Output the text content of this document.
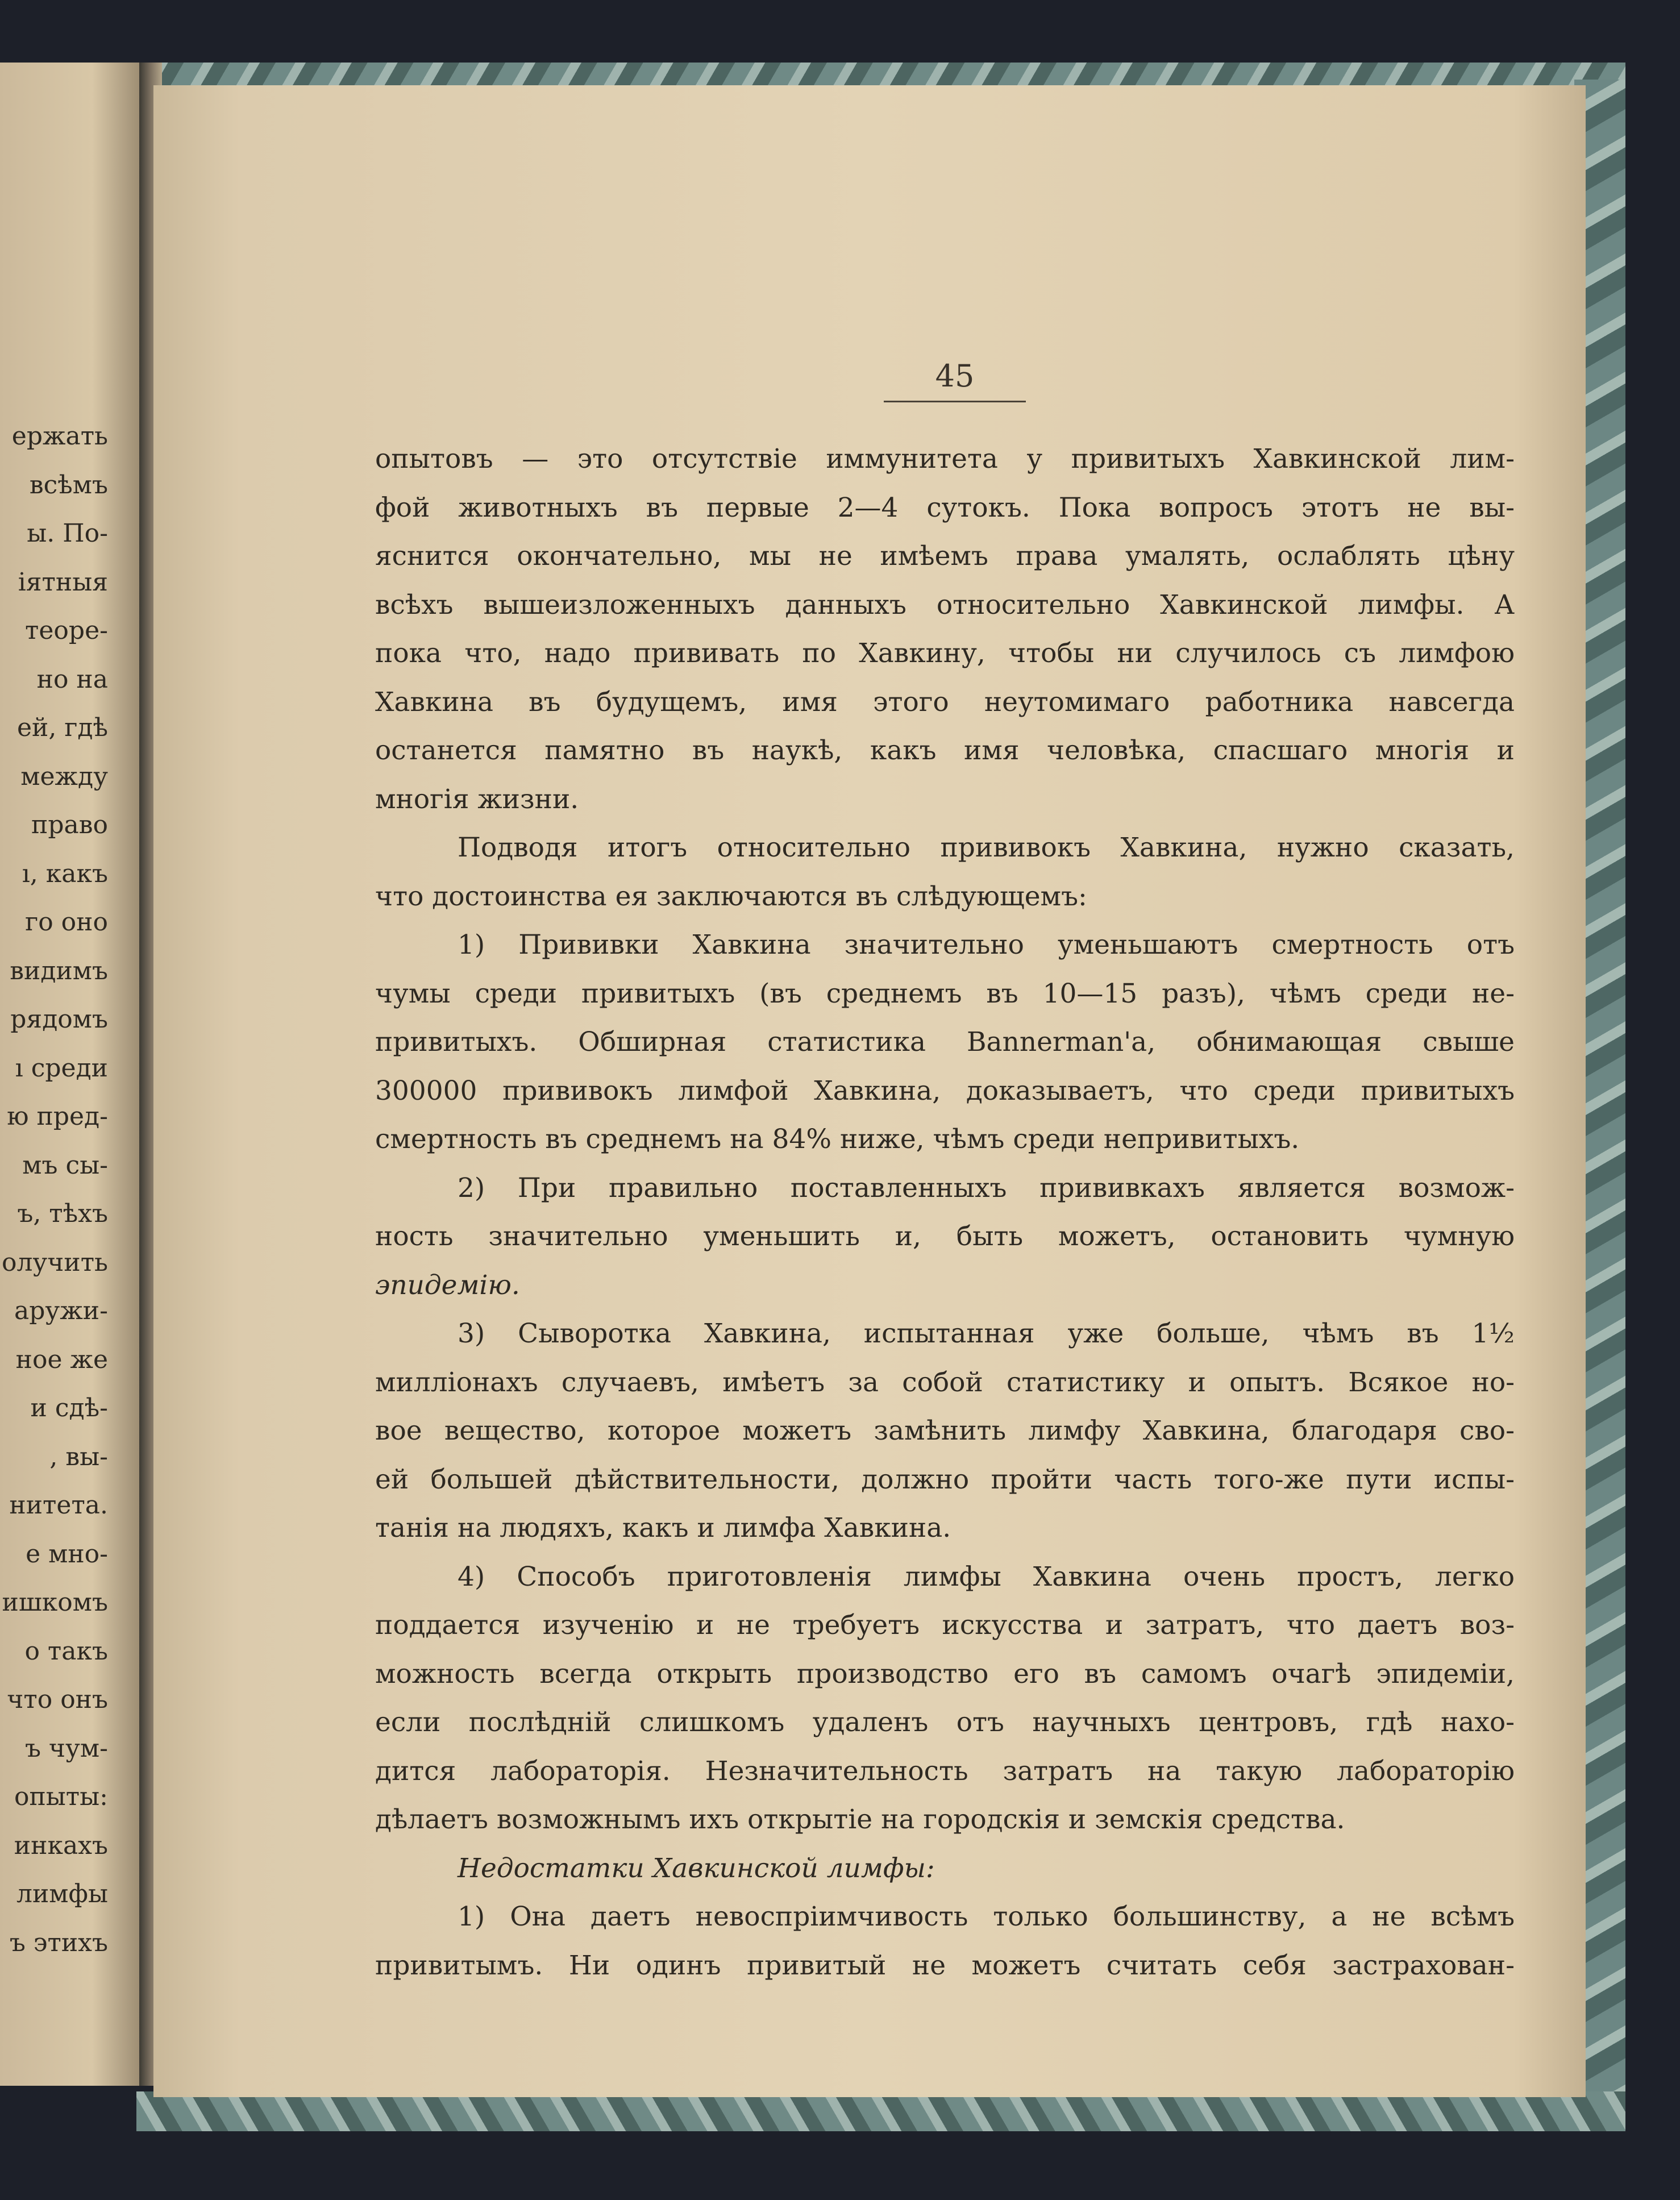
ержать
всѣмъ
ы. По-
іятныя
теоре-
но на
ей, гдѣ
между
право
ı, какъ
го оно
видимъ
рядомъ
ı среди
ю пред-
мъ сы-
ъ, тѣхъ
олучить
аружи-
ное же
и сдѣ-
, вы-
нитета.
е мно-
ишкомъ
о такъ
что онъ
ъ чум-
опыты:
инкахъ
лимфы
ъ этихъ
45
опытовъ — это отсутствіе иммунитета у привитыхъ Хавкинской лим-
фой животныхъ въ первые 2—4 сутокъ. Пока вопросъ этотъ не вы-
яснится окончательно, мы не имѣемъ права умалять, ослаблять цѣну
всѣхъ вышеизложенныхъ данныхъ относительно Хавкинской лимфы. А
пока что, надо прививать по Хавкину, чтобы ни случилось съ лимфою
Хавкина въ будущемъ, имя этого неутомимаго работника навсегда
останется памятно въ наукѣ, какъ имя человѣка, спасшаго многія и
многія жизни.
Подводя итогъ относительно прививокъ Хавкина, нужно сказать,
что достоинства ея заключаются въ слѣдующемъ:
1) Прививки Хавкина значительно уменьшаютъ смертность отъ
чумы среди привитыхъ (въ среднемъ въ 10—15 разъ), чѣмъ среди не-
привитыхъ. Обширная статистика Bannerman'a, обнимающая свыше
300000 прививокъ лимфой Хавкина, доказываетъ, что среди привитыхъ
смертность въ среднемъ на 84% ниже, чѣмъ среди непривитыхъ.
2) При правильно поставленныхъ прививкахъ является возмож-
ность значительно уменьшить и, быть можетъ, остановить чумную
эпидемію.
3) Сыворотка Хавкина, испытанная уже больше, чѣмъ въ 1½
миллiонахъ случаевъ, имѣетъ за собой статистику и опытъ. Всякое но-
вое вещество, которое можетъ замѣнить лимфу Хавкина, благодаря сво-
ей большей дѣйствительности, должно пройти часть того-же пути испы-
танія на людяхъ, какъ и лимфа Хавкина.
4) Способъ приготовленія лимфы Хавкина очень простъ, легко
поддается изученію и не требуетъ искусства и затратъ, что даетъ воз-
можность всегда открыть производство его въ самомъ очагѣ эпидеміи,
если послѣдній слишкомъ удаленъ отъ научныхъ центровъ, гдѣ нахо-
дится лабораторія. Незначительность затратъ на такую лабораторію
дѣлаетъ возможнымъ ихъ открытіе на городскія и земскія средства.
Недостатки Хавкинской лимфы:
1) Она даетъ невоспріимчивость только большинству, а не всѣмъ
привитымъ. Ни одинъ привитый не можетъ считать себя застрахован-
